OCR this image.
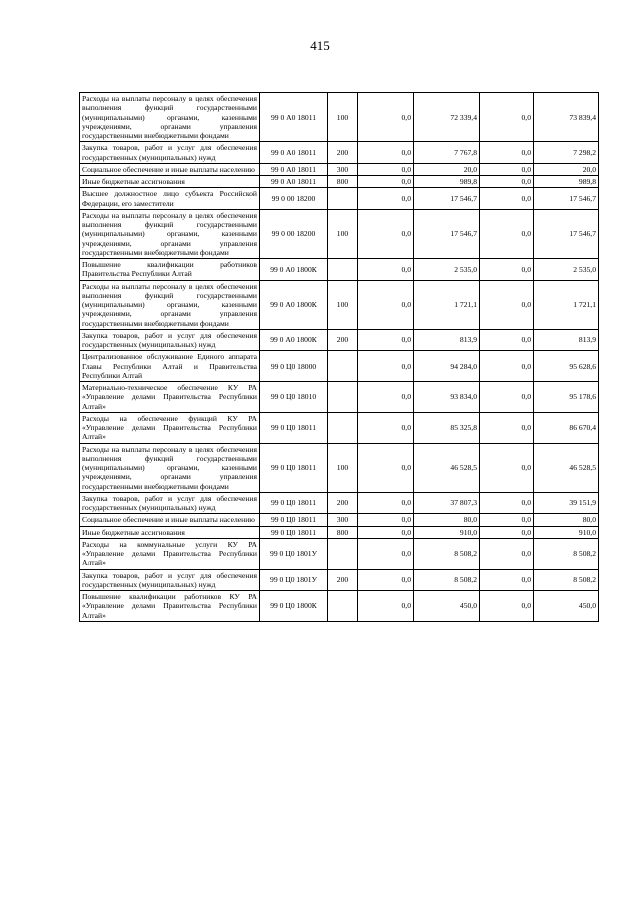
415
Расходы на выплаты персоналу в целях обеспечения выполнения функций государственными (муниципальными) органами, казенными учреждениями, органами управления государственными внебюджетными фондами	99 0 А0 18011	100	0,0	72 339,4	0,0	73 839,4
Закупка товаров, работ и услуг для обеспечения государственных (муниципальных) нужд	99 0 А0 18011	200	0,0	7 767,8	0,0	7 298,2
Социальное обеспечение и иные выплаты населению	99 0 А0 18011	300	0,0	20,0	0,0	20,0
Иные бюджетные ассигнования	99 0 А0 18011	800	0,0	989,8	0,0	989,8
Высшее должностное лицо субъекта Российской Федерации, его заместители	99 0 00 18200		0,0	17 546,7	0,0	17 546,7
Расходы на выплаты персоналу в целях обеспечения выполнения функций государственными (муниципальными) органами, казенными учреждениями, органами управления государственными внебюджетными фондами	99 0 00 18200	100	0,0	17 546,7	0,0	17 546,7
Повышение квалификации работников Правительства Республики Алтай	99 0 А0 1800К		0,0	2 535,0	0,0	2 535,0
Расходы на выплаты персоналу в целях обеспечения выполнения функций государственными (муниципальными) органами, казенными учреждениями, органами управления государственными внебюджетными фондами	99 0 А0 1800К	100	0,0	1 721,1	0,0	1 721,1
Закупка товаров, работ и услуг для обеспечения государственных (муниципальных) нужд	99 0 А0 1800К	200	0,0	813,9	0,0	813,9
Централизованное обслуживание Единого аппарата Главы Республики Алтай и Правительства Республики Алтай	99 0 Ц0 18000		0,0	94 284,0	0,0	95 628,6
Материально-техническое обеспечение КУ РА «Управление делами Правительства Республики Алтай»	99 0 Ц0 18010		0,0	93 834,0	0,0	95 178,6
Расходы на обеспечение функций КУ РА «Управление делами Правительства Республики Алтай»	99 0 Ц0 18011		0,0	85 325,8	0,0	86 670,4
Расходы на выплаты персоналу в целях обеспечения выполнения функций государственными (муниципальными) органами, казенными учреждениями, органами управления государственными внебюджетными фондами	99 0 Ц0 18011	100	0,0	46 528,5	0,0	46 528,5
Закупка товаров, работ и услуг для обеспечения государственных (муниципальных) нужд	99 0 Ц0 18011	200	0,0	37 807,3	0,0	39 151,9
Социальное обеспечение и иные выплаты населению	99 0 Ц0 18011	300	0,0	80,0	0,0	80,0
Иные бюджетные ассигнования	99 0 Ц0 18011	800	0,0	910,0	0,0	910,0
Расходы на коммунальные услуги КУ РА «Управление делами Правительства Республики Алтай»	99 0 Ц0 1801У		0,0	8 508,2	0,0	8 508,2
Закупка товаров, работ и услуг для обеспечения государственных (муниципальных) нужд	99 0 Ц0 1801У	200	0,0	8 508,2	0,0	8 508,2
Повышение квалификации работников КУ РА «Управление делами Правительства Республики Алтай»	99 0 Ц0 1800К		0,0	450,0	0,0	450,0
